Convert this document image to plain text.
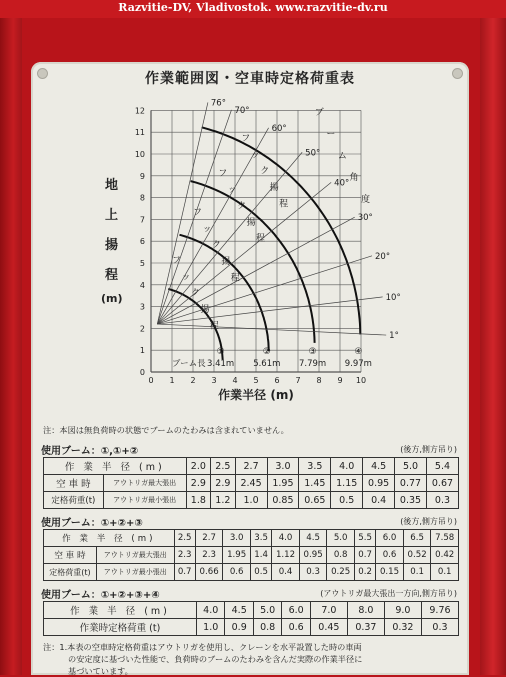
Razvitie-DV, Vladivostok. www.razvitie-dv.ru
作業範囲図・空車時定格荷重表
地
上
揚
程
(m)
0 1 2 3 4 5 6 7 8 9 10
0
1
2
3
4
5
6
7
8
9
10
11
12
作業半径 (m)
①
3.41m
②
5.61m
③
7.79m
④
9.97m
ブーム長
76°
70°
60°
50°
40°
30°
20°
10°
1°
フ
ッ
ク
揚
程
フ
ッ
ク
揚
程
フ
ッ
ク
揚
程
フ
ッ
ク
揚
程
ブ
ー
ム
角
度
注：本図は無負荷時の状態でブームのたわみは含まれていません。
使用ブーム：①,①+②	(後方,側方吊り)
作 業 半 径 (m)		2.0	2.5	2.7	3.0	3.5	4.0	4.5	5.0	5.4
空 車 時	アウトリガ最大張出	2.9	2.9	2.45	1.95	1.45	1.15	0.95	0.77	0.67
定格荷重(t)	アウトリガ最小張出	1.8	1.2	1.0	0.85	0.65	0.5	0.4	0.35	0.3
使用ブーム：①+②+③	(後方,側方吊り)
作 業 半 径 (m)		2.5	2.7	3.0	3.5	4.0	4.5	5.0	5.5	6.0	6.5	7.58
空 車 時	アウトリガ最大張出	2.3	2.3	1.95	1.4	1.12	0.95	0.8	0.7	0.6	0.52	0.42
定格荷重(t)	アウトリガ最小張出	0.7	0.66	0.6	0.5	0.4	0.3	0.25	0.2	0.15	0.1	0.1
使用ブーム：①+②+③+④	(アウトリガ最大張出一方向,側方吊り)
作 業 半 径 (m)	4.0	4.5	5.0	6.0	7.0	8.0	9.0	9.76
作業時定格荷重 (t)	1.0	0.9	0.8	0.6	0.45	0.37	0.32	0.3
注：1.本表の空車時定格荷重はアウトリガを使用し、クレーンを水平設置した時の車両
の安定度に基づいた性能で、負荷時のブームのたわみを含んだ実際の作業半径に
基づいています。
